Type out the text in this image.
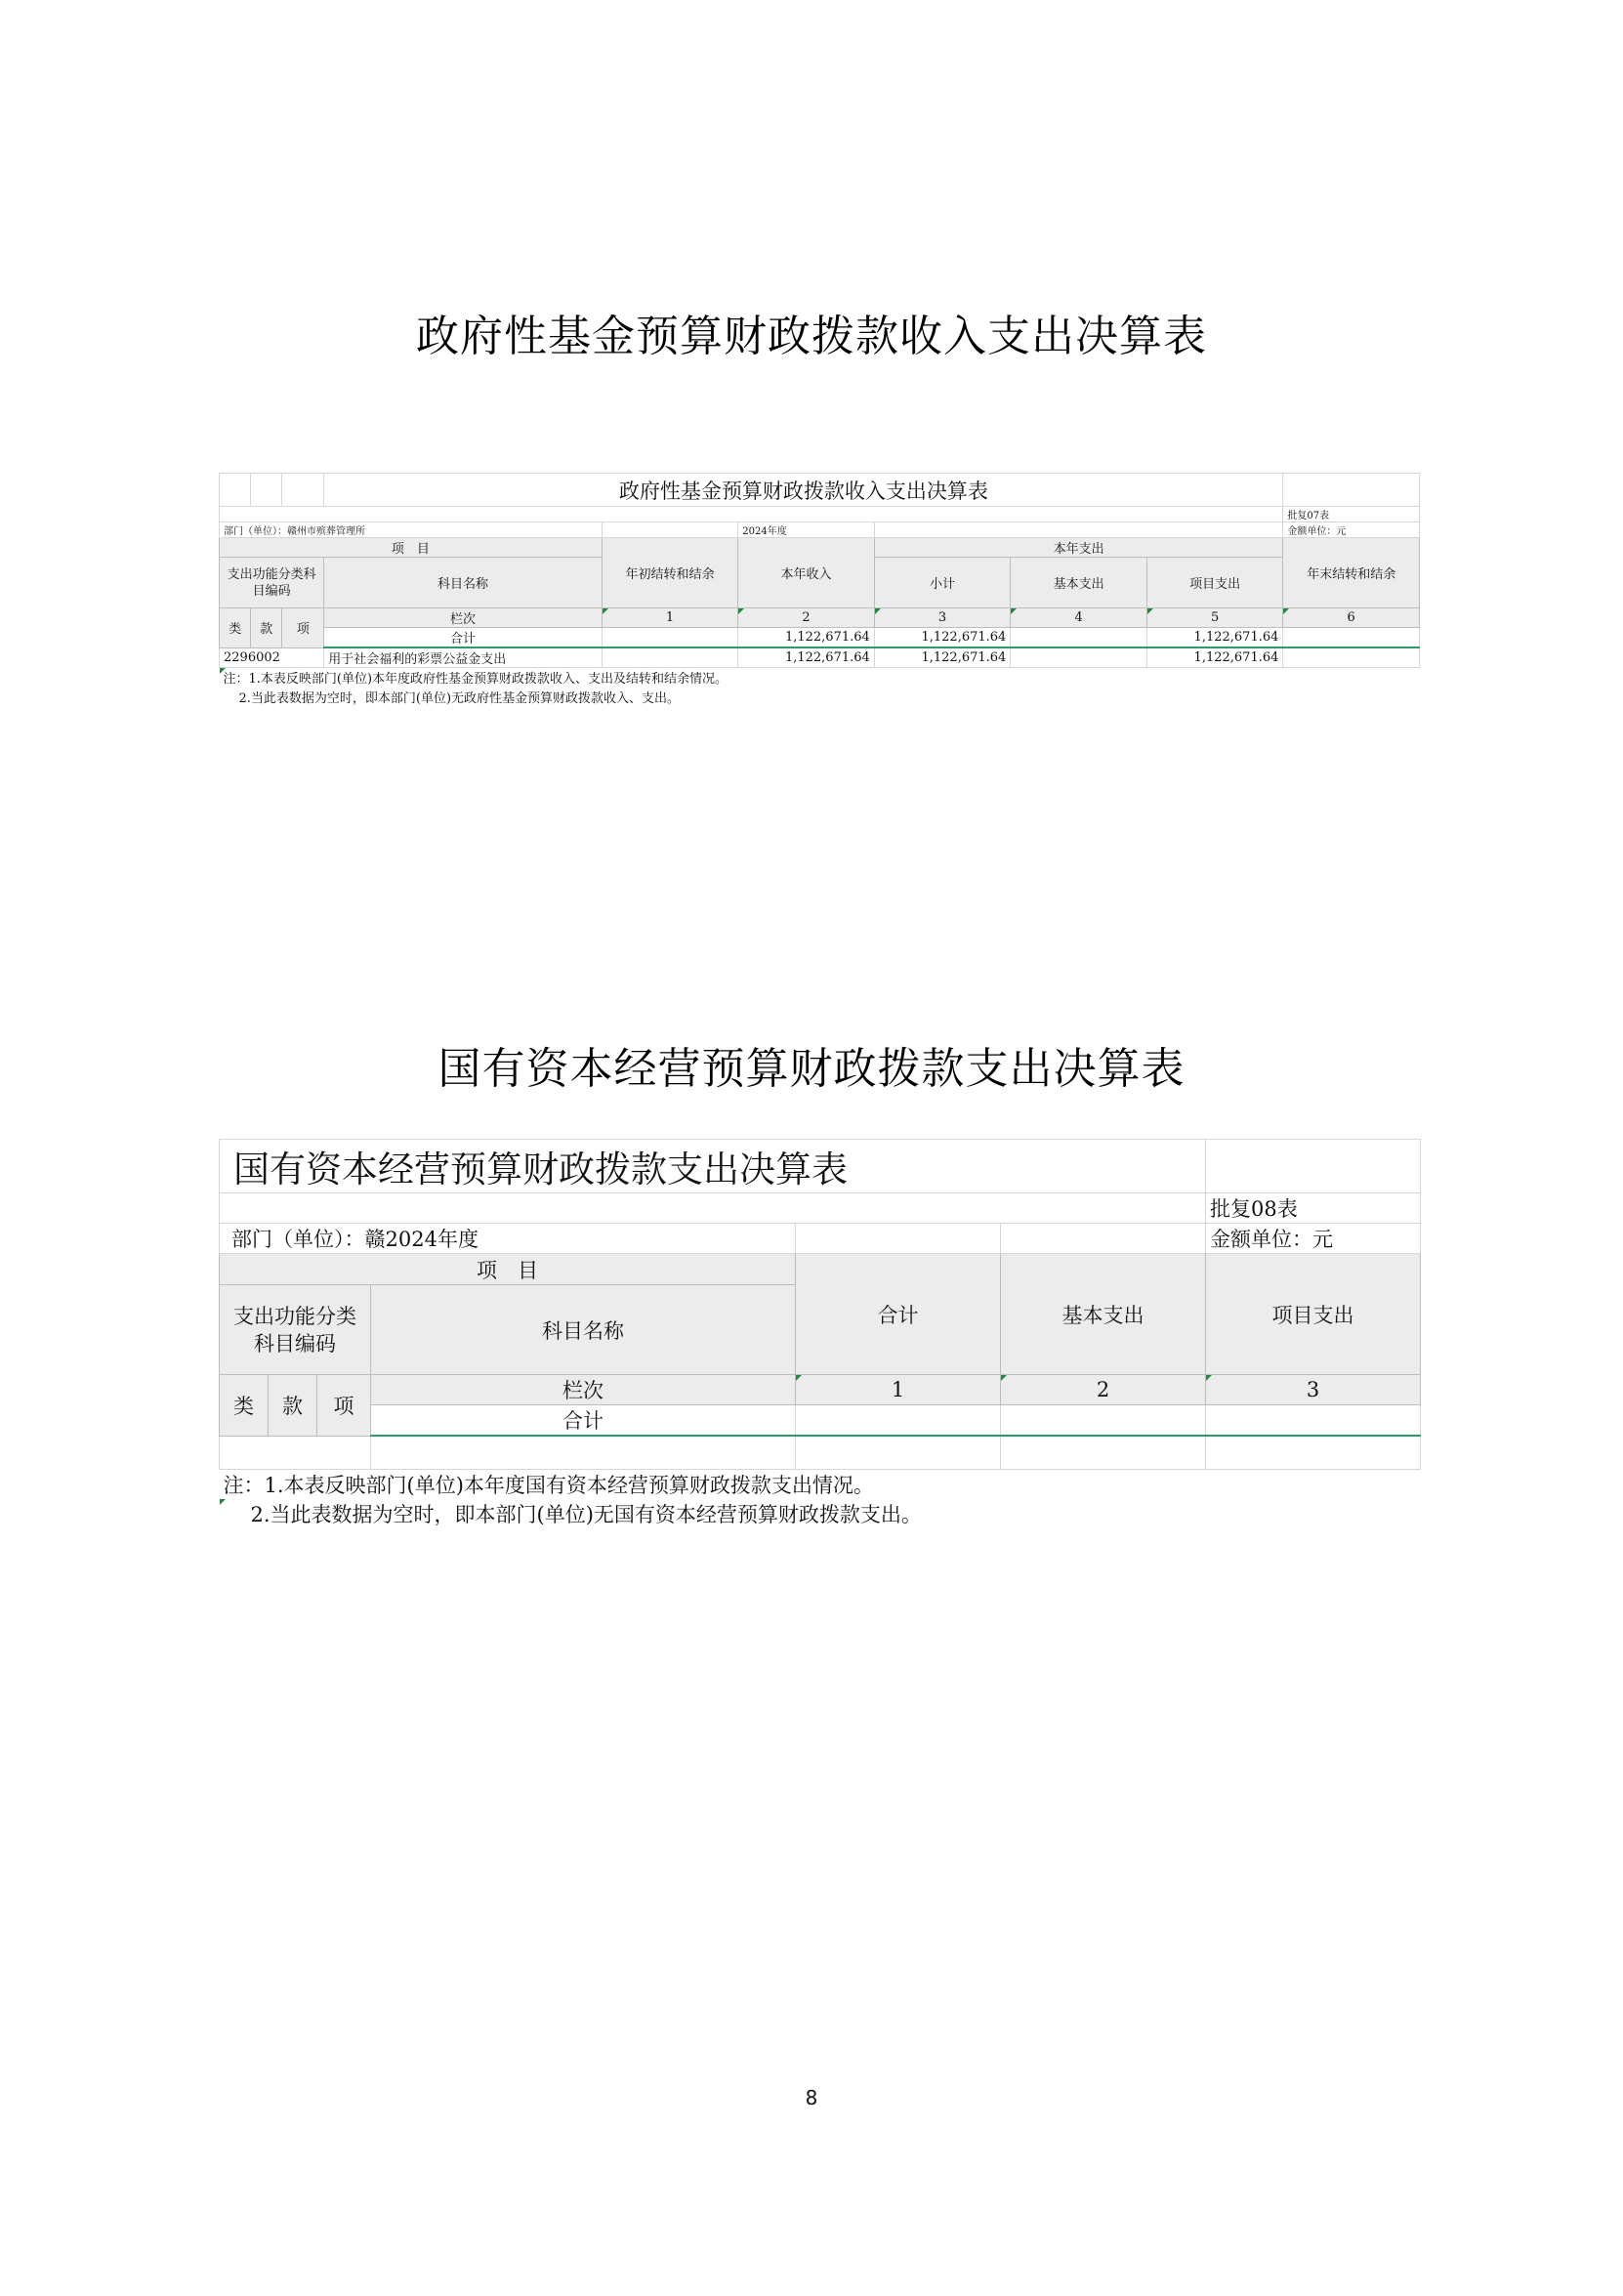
政府性基金预算财政拨款收入支出决算表
			政府性基金预算财政拨款收入支出决算表						
									批复07表
部门（单位）：赣州市殡葬管理所					2024年度				金额单位：元
项　目				年初结转和结余	本年收入	本年支出			年末结转和结余
支出功能分类科目编码			科目名称			小计	基本支出	项目支出	

类	款	项	栏次	1	2	3	4	5	6
			合计		1,122,671.64	1,122,671.64		1,122,671.64	
2296002			用于社会福利的彩票公益金支出		1,122,671.64	1,122,671.64		1,122,671.64	
注：1.本表反映部门(单位)本年度政府性基金预算财政拨款收入、支出及结转和结余情况。									
2.当此表数据为空时，即本部门(单位)无政府性基金预算财政拨款收入、支出。									
国有资本经营预算财政拨款支出决算表
国有资本经营预算财政拨款支出决算表						
						批复08表
部门（单位）：赣2024年度						金额单位：元
项　目				合计	基本支出	项目支出
支出功能分类科目编码			科目名称			
类	款	项	栏次	1	2	3
			合计			

注：1.本表反映部门(单位)本年度国有资本经营预算财政拨款支出情况。						
2.当此表数据为空时，即本部门(单位)无国有资本经营预算财政拨款支出。						
8
